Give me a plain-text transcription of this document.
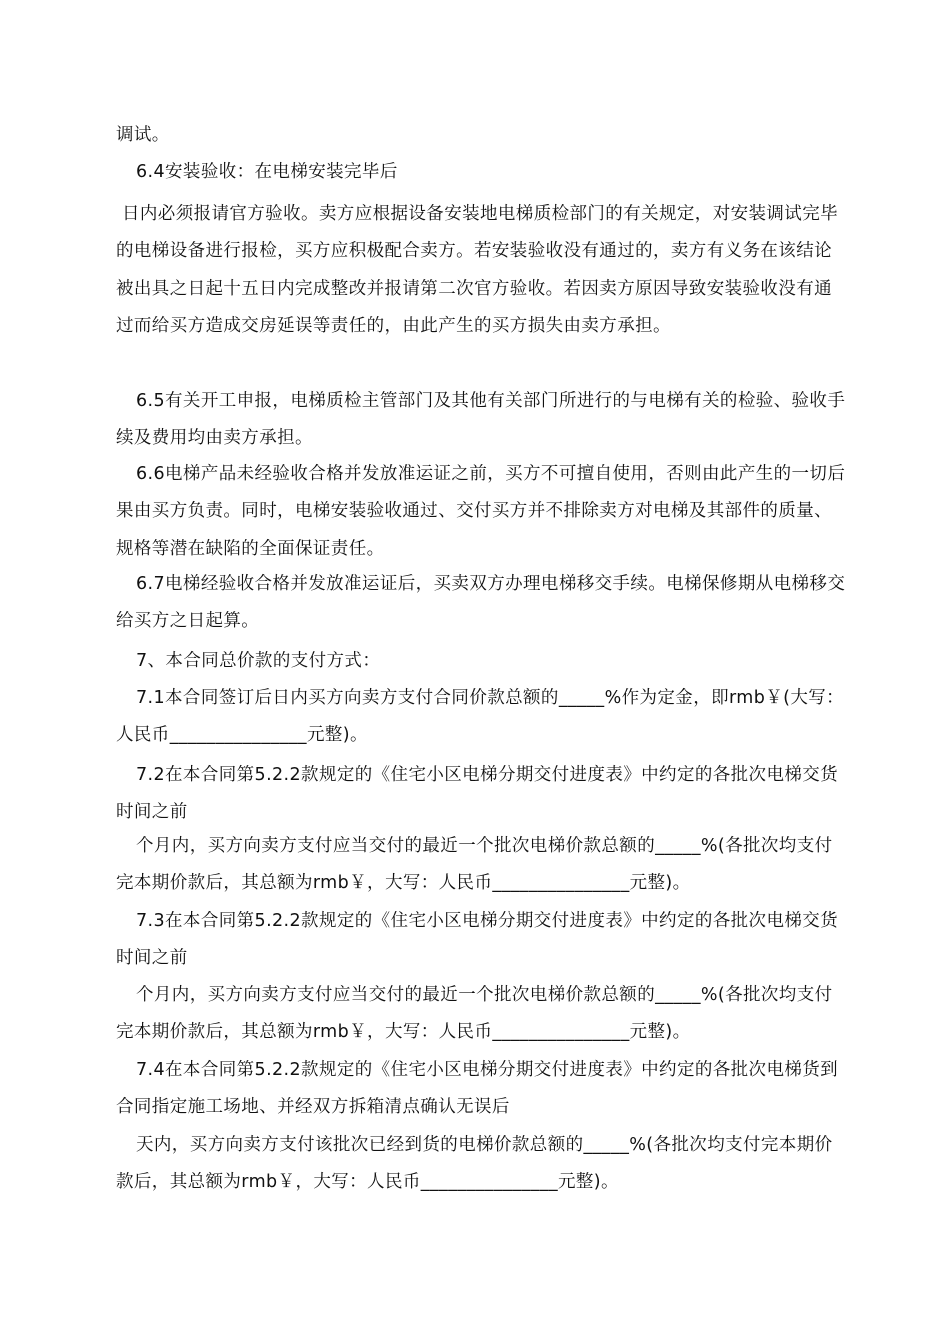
调试。

6.4安装验收：在电梯安装完毕后

日内必须报请官方验收。卖方应根据设备安装地电梯质检部门的有关规定，对安装调试完毕的电梯设备进行报检，买方应积极配合卖方。若安装验收没有通过的，卖方有义务在该结论被出具之日起十五日内完成整改并报请第二次官方验收。若因卖方原因导致安装验收没有通过而给买方造成交房延误等责任的，由此产生的买方损失由卖方承担。

6.5有关开工申报，电梯质检主管部门及其他有关部门所进行的与电梯有关的检验、验收手续及费用均由卖方承担。

6.6电梯产品未经验收合格并发放准运证之前，买方不可擅自使用，否则由此产生的一切后果由买方负责。同时，电梯安装验收通过、交付买方并不排除卖方对电梯及其部件的质量、规格等潜在缺陷的全面保证责任。

6.7电梯经验收合格并发放准运证后，买卖双方办理电梯移交手续。电梯保修期从电梯移交给买方之日起算。

7、本合同总价款的支付方式：

7.1本合同签订后日内买方向卖方支付合同价款总额的_____%作为定金，即rmb￥(大写：人民币_______________元整)。

7.2在本合同第5.2.2款规定的《住宅小区电梯分期交付进度表》中约定的各批次电梯交货时间之前

个月内，买方向卖方支付应当交付的最近一个批次电梯价款总额的_____%(各批次均支付完本期价款后，其总额为rmb￥，大写：人民币_______________元整)。

7.3在本合同第5.2.2款规定的《住宅小区电梯分期交付进度表》中约定的各批次电梯交货时间之前

个月内，买方向卖方支付应当交付的最近一个批次电梯价款总额的_____%(各批次均支付完本期价款后，其总额为rmb￥，大写：人民币_______________元整)。

7.4在本合同第5.2.2款规定的《住宅小区电梯分期交付进度表》中约定的各批次电梯货到合同指定施工场地、并经双方拆箱清点确认无误后

天内，买方向卖方支付该批次已经到货的电梯价款总额的_____%(各批次均支付完本期价款后，其总额为rmb￥，大写：人民币_______________元整)。
